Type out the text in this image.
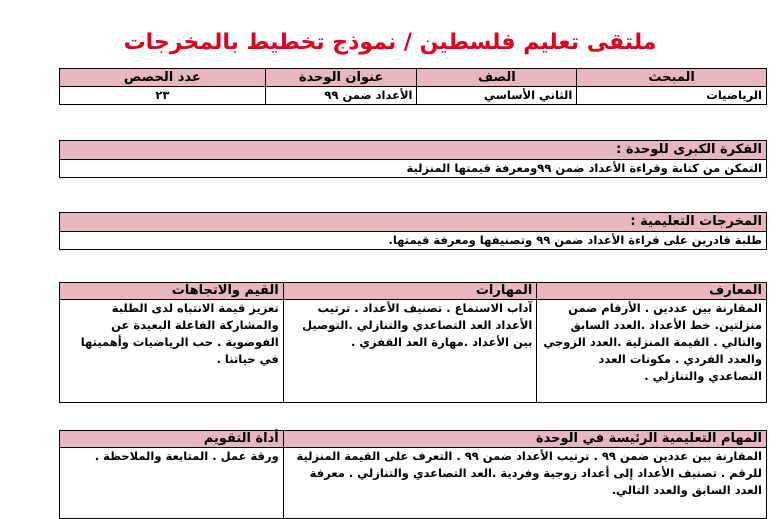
ملتقى تعليم فلسطين / نموذج تخطيط بالمخرجات
المبحث	الصف	عنوان الوحدة	عدد الحصص
الرياضيات	الثاني الأساسي	الأعداد ضمن ٩٩	٢٣
الفكرة الكبرى للوحدة :
التمكن من كتابة وقراءة الأعداد ضمن ٩٩ومعرفة قيمتها المنزلية
المخرجات التعليمية :
طلبة قادرين على قراءة الأعداد ضمن ٩٩ وتصنيفها ومعرفة قيمتها.
المعارف	المهارات	القيم والاتجاهات
المقارنة بين عددين . الأرقام ضمن منزلتين. خط الأعداد .العدد السابق والتالي . القيمة المنزلية .العدد الزوجي والعدد الفردي . مكونات العدد التصاعدي والتنازلي .	آداب الاستماع . تصنيف الأعداد . ترتيب الأعداد العد التصاعدي والتنازلي .التوصيل بين الأعداد .مهارة العد القفزي .	تعزيز قيمة الانتباه لدى الطلبة والمشاركة الفاعلة البعيدة عن الفوضوية . حب الرياضيات وأهميتها في حياتنا .
المهام التعليمية الرئيسة في الوحدة	أداة التقويم
المقارنة بين عددين ضمن ٩٩ . ترتيب الأعداد ضمن ٩٩ . التعرف على القيمة المنزلية للرقم . تصنيف الأعداد إلى أعداد زوجية وفردية .العد التصاعدي والتنازلي . معرفة العدد السابق والعدد التالي.	ورقة عمل . المتابعة والملاحظة .
